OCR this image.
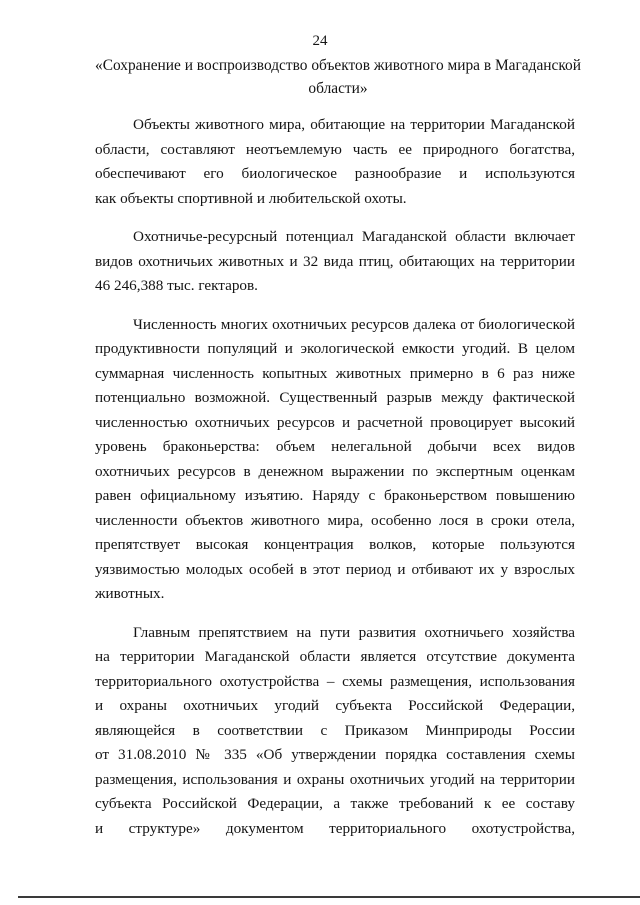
24
«Сохранение и воспроизводство объектов животного мира в Магаданской
области»
Объекты животного мира, обитающие на территории Магаданской
области, составляют неотъемлемую часть ее природного богатства,
обеспечивают его биологическое разнообразие и используются
как объекты спортивной и любительской охоты.
Охотничье-ресурсный потенциал Магаданской области включает
видов охотничьих животных и 32 вида птиц, обитающих на территории
46 246,388 тыс. гектаров.
Численность многих охотничьих ресурсов далека от биологической
продуктивности популяций и экологической емкости угодий. В целом
суммарная численность копытных животных примерно в 6 раз ниже
потенциально возможной. Существенный разрыв между фактической
численностью охотничьих ресурсов и расчетной провоцирует высокий
уровень браконьерства: объем нелегальной добычи всех видов
охотничьих ресурсов в денежном выражении по экспертным оценкам
равен официальному изъятию. Наряду с браконьерством повышению
численности объектов животного мира, особенно лося в сроки отела,
препятствует высокая концентрация волков, которые пользуются
уязвимостью молодых особей в этот период и отбивают их у взрослых
животных.
Главным препятствием на пути развития охотничьего хозяйства
на территории Магаданской области является отсутствие документа
территориального охотустройства – схемы размещения, использования
и охраны охотничьих угодий субъекта Российской Федерации,
являющейся в соответствии с Приказом Минприроды России
от 31.08.2010 № 335 «Об утверждении порядка составления схемы
размещения, использования и охраны охотничьих угодий на территории
субъекта Российской Федерации, а также требований к ее составу
и структуре» документом территориального охотустройства,
